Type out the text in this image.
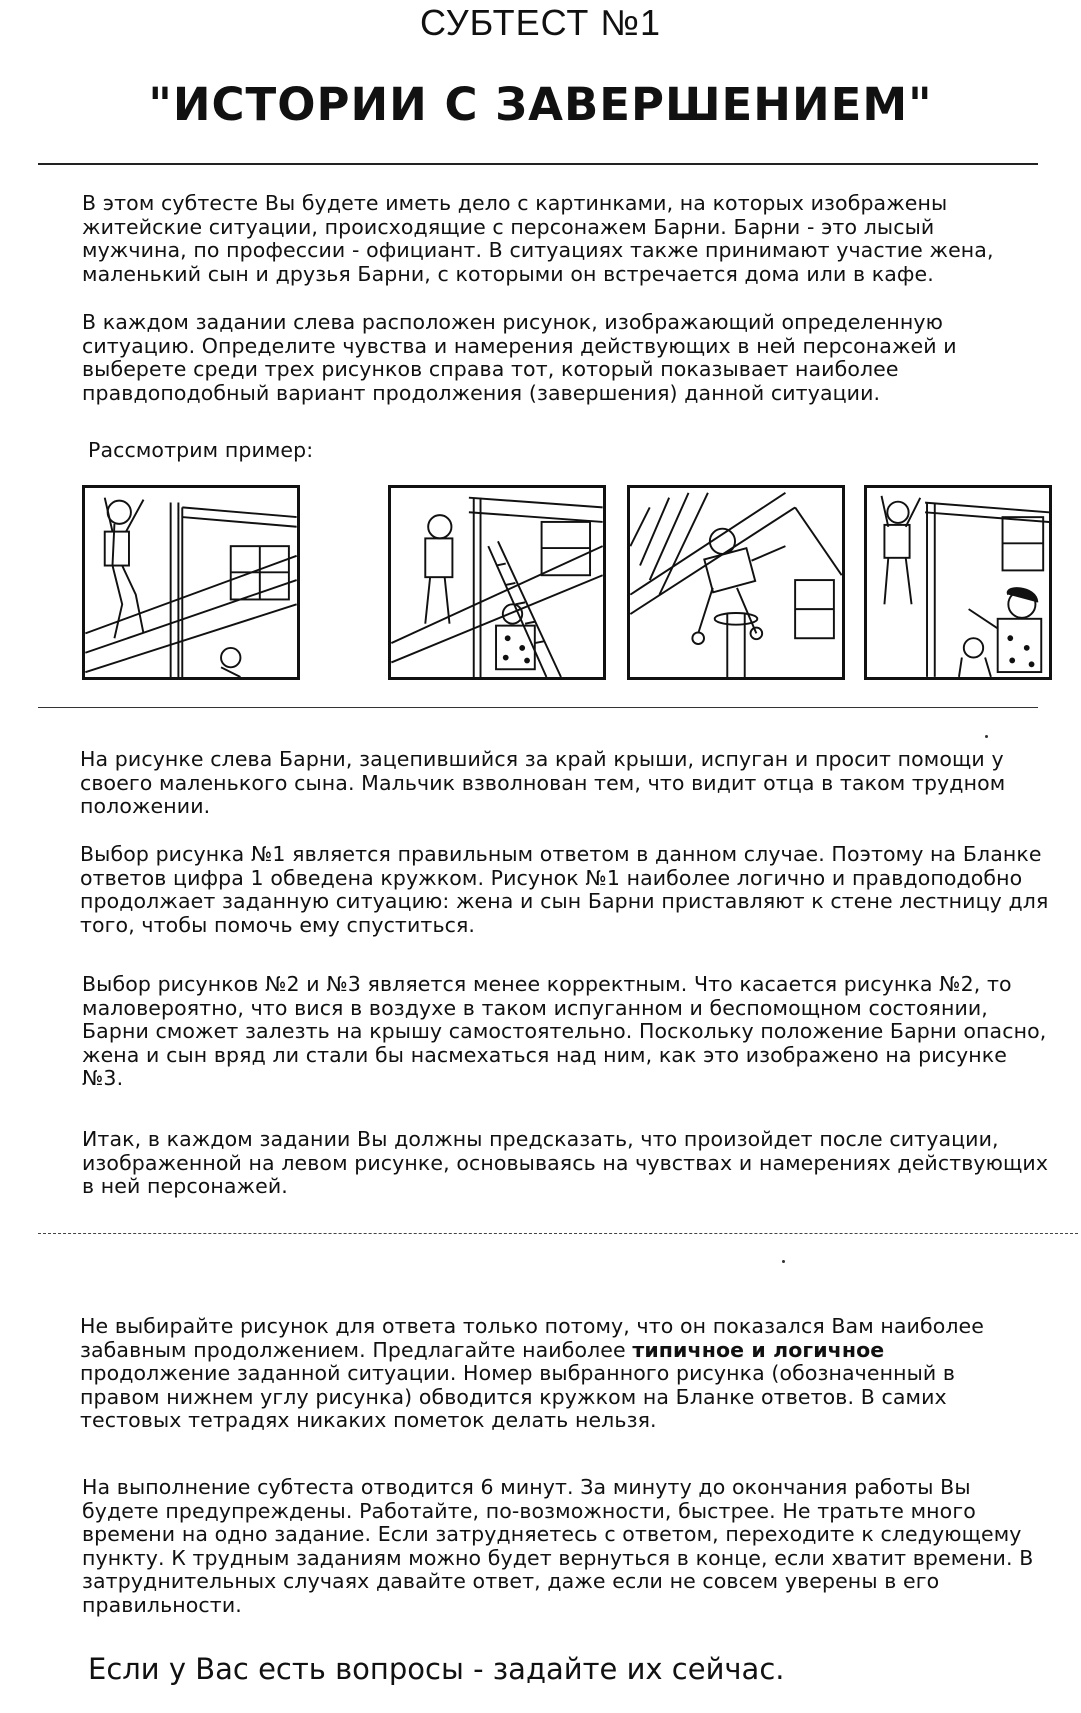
СУБТЕСТ №1
"ИСТОРИИ С ЗАВЕРШЕНИЕМ"

В этом субтесте Вы будете иметь дело с картинками, на которых изображены житейские ситуации, происходящие с персонажем Барни. Барни - это лысый мужчина, по профессии - официант. В ситуациях также принимают участие жена, маленький сын и друзья Барни, с которыми он встречается дома или в кафе.

В каждом задании слева расположен рисунок, изображающий определенную ситуацию. Определите чувства и намерения действующих в ней персонажей и выберете среди трех рисунков справа тот, который показывает наиболее правдоподобный вариант продолжения (завершения) данной ситуации.

Рассмотрим пример:

На рисунке слева Барни, зацепившийся за край крыши, испуган и просит помощи у своего маленького сына. Мальчик взволнован тем, что видит отца в таком трудном положении.

Выбор рисунка №1 является правильным ответом в данном случае. Поэтому на Бланке ответов цифра 1 обведена кружком. Рисунок №1 наиболее логично и правдоподобно продолжает заданную ситуацию: жена и сын Барни приставляют к стене лестницу для того, чтобы помочь ему спуститься.

Выбор рисунков №2 и №3 является менее корректным. Что касается рисунка №2, то маловероятно, что вися в воздухе в таком испуганном и беспомощном состоянии, Барни сможет залезть на крышу самостоятельно. Поскольку положение Барни опасно, жена и сын вряд ли стали бы насмехаться над ним, как это изображено на рисунке №3.

Итак, в каждом задании Вы должны предсказать, что произойдет после ситуации, изображенной на левом рисунке, основываясь на чувствах и намерениях действующих в ней персонажей.

Не выбирайте рисунок для ответа только потому, что он показался Вам наиболее забавным продолжением. Предлагайте наиболее типичное и логичное продолжение заданной ситуации. Номер выбранного рисунка (обозначенный в правом нижнем углу рисунка) обводится кружком на Бланке ответов. В самих тестовых тетрадях никаких пометок делать нельзя.

На выполнение субтеста отводится 6 минут. За минуту до окончания работы Вы будете предупреждены. Работайте, по-возможности, быстрее. Не тратьте много времени на одно задание. Если затрудняетесь с ответом, переходите к следующему пункту. К трудным заданиям можно будет вернуться в конце, если хватит времени. В затруднительных случаях давайте ответ, даже если не совсем уверены в его правильности.

Если у Вас есть вопросы - задайте их сейчас.
